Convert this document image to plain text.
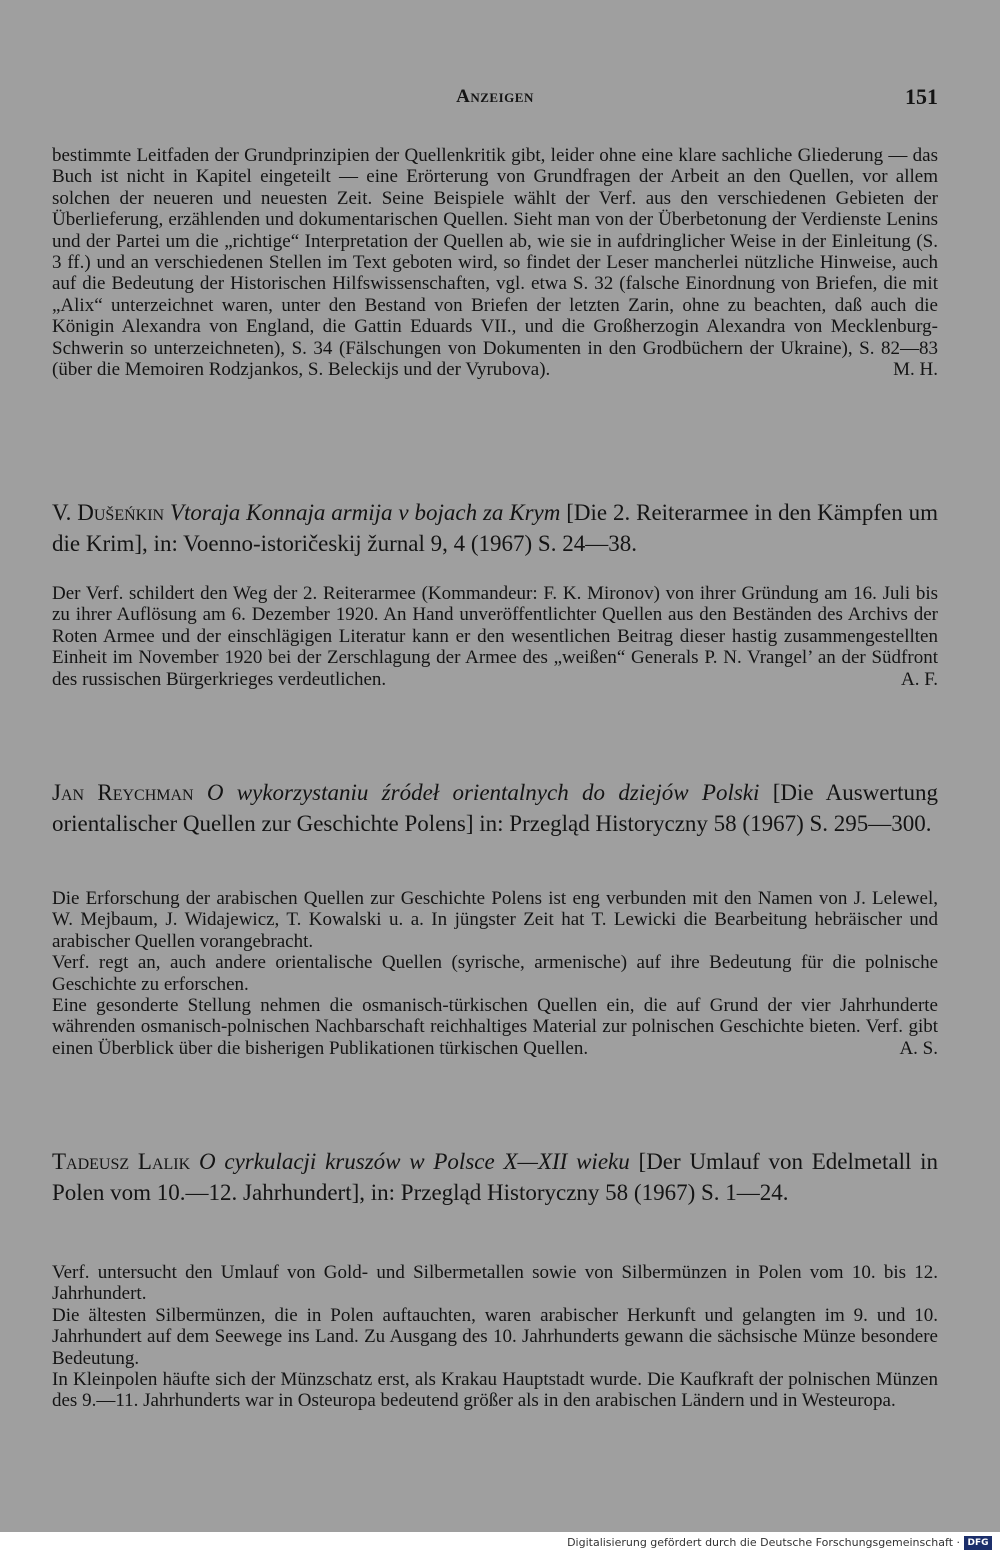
Anzeigen	151

bestimmte Leitfaden der Grundprinzipien der Quellenkritik gibt, leider ohne eine klare sachliche Gliederung — das Buch ist nicht in Kapitel eingeteilt — eine Erörterung von Grundfragen der Arbeit an den Quellen, vor allem solchen der neueren und neuesten Zeit. Seine Beispiele wählt der Verf. aus den verschiedenen Gebieten der Überlieferung, erzählenden und dokumentarischen Quellen. Sieht man von der Überbetonung der Verdienste Lenins und der Partei um die „richtige“ Interpretation der Quellen ab, wie sie in aufdringlicher Weise in der Einleitung (S. 3 ff.) und an verschiedenen Stellen im Text geboten wird, so findet der Leser mancherlei nützliche Hinweise, auch auf die Bedeutung der Historischen Hilfswissenschaften, vgl. etwa S. 32 (falsche Einordnung von Briefen, die mit „Alix“ unterzeichnet waren, unter den Bestand von Briefen der letzten Zarin, ohne zu beachten, daß auch die Königin Alexandra von England, die Gattin Eduards VII., und die Großherzogin Alexandra von Mecklenburg-Schwerin so unterzeichneten), S. 34 (Fälschungen von Dokumenten in den Grodbüchern der Ukraine), S. 82—83 (über die Memoiren Rodzjankos, S. Beleckijs und der Vyrubova).	M. H.

V. Dušeńkin Vtoraja Konnaja armija v bojach za Krym [Die 2. Reiterarmee in den Kämpfen um die Krim], in: Voenno-istoričeskij žurnal 9, 4 (1967) S. 24—38.

Der Verf. schildert den Weg der 2. Reiterarmee (Kommandeur: F. K. Mironov) von ihrer Gründung am 16. Juli bis zu ihrer Auflösung am 6. Dezember 1920. An Hand unveröffentlichter Quellen aus den Beständen des Archivs der Roten Armee und der einschlägigen Literatur kann er den wesentlichen Beitrag dieser hastig zusammengestellten Einheit im November 1920 bei der Zerschlagung der Armee des „weißen“ Generals P. N. Vrangel’ an der Südfront des russischen Bürgerkrieges verdeutlichen.	A. F.

Jan Reychman O wykorzystaniu źródeł orientalnych do dziejów Polski [Die Auswertung orientalischer Quellen zur Geschichte Polens] in: Przegląd Historyczny 58 (1967) S. 295—300.

Die Erforschung der arabischen Quellen zur Geschichte Polens ist eng verbunden mit den Namen von J. Lelewel, W. Mejbaum, J. Widajewicz, T. Kowalski u. a. In jüngster Zeit hat T. Lewicki die Bearbeitung hebräischer und arabischer Quellen vorangebracht.

Verf. regt an, auch andere orientalische Quellen (syrische, armenische) auf ihre Bedeutung für die polnische Geschichte zu erforschen.

Eine gesonderte Stellung nehmen die osmanisch-türkischen Quellen ein, die auf Grund der vier Jahrhunderte währenden osmanisch-polnischen Nachbarschaft reichhaltiges Material zur polnischen Geschichte bieten. Verf. gibt einen Überblick über die bisherigen Publikationen türkischen Quellen.	A. S.

Tadeusz Lalik O cyrkulacji kruszów w Polsce X—XII wieku [Der Umlauf von Edelmetall in Polen vom 10.—12. Jahrhundert], in: Przegląd Historyczny 58 (1967) S. 1—24.

Verf. untersucht den Umlauf von Gold- und Silbermetallen sowie von Silbermünzen in Polen vom 10. bis 12. Jahrhundert.

Die ältesten Silbermünzen, die in Polen auftauchten, waren arabischer Herkunft und gelangten im 9. und 10. Jahrhundert auf dem Seewege ins Land. Zu Ausgang des 10. Jahrhunderts gewann die sächsische Münze besondere Bedeutung.

In Kleinpolen häufte sich der Münzschatz erst, als Krakau Hauptstadt wurde. Die Kaufkraft der polnischen Münzen des 9.—11. Jahrhunderts war in Osteuropa bedeutend größer als in den arabischen Ländern und in Westeuropa.

Digitalisierung gefördert durch die Deutsche Forschungsgemeinschaft · DFG
